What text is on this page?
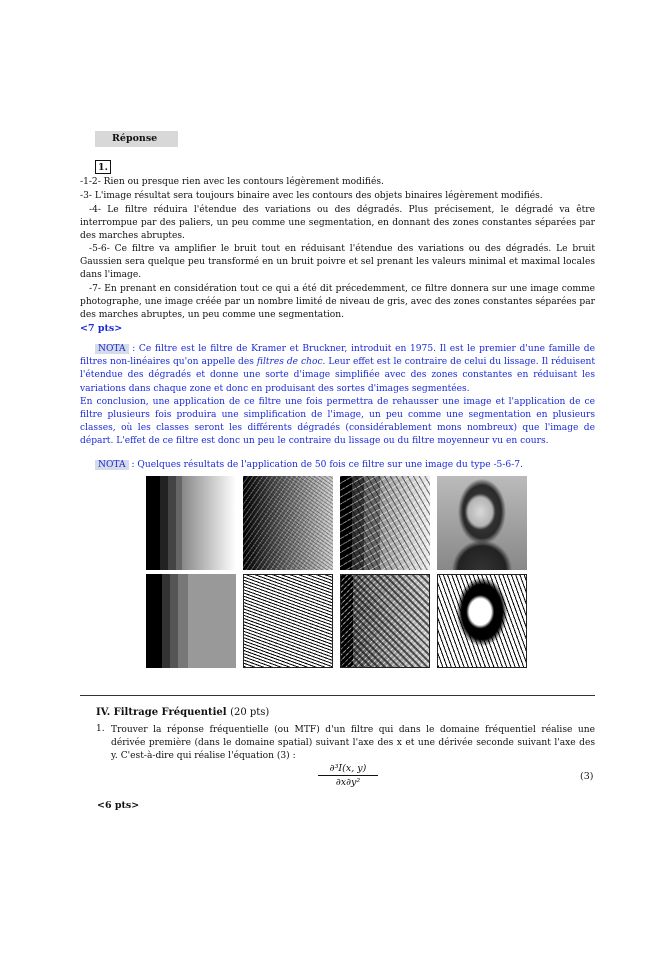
Réponse
1.
-1-2- Rien ou presque rien avec les contours légèrement modifiés.
-3- L'image résultat sera toujours binaire avec les contours des objets binaires légèrement modifiés.
-4- Le filtre réduira l'étendue des variations ou des dégradés. Plus précisement, le dégradé va être interrompue par des paliers, un peu comme une segmentation, en donnant des zones constantes séparées par des marches abruptes.
-5-6- Ce filtre va amplifier le bruit tout en réduisant l'étendue des variations ou des dégradés. Le bruit Gaussien sera quelque peu transformé en un bruit poivre et sel prenant les valeurs minimal et maximal locales dans l'image.
-7- En prenant en considération tout ce qui a été dit précedemment, ce filtre donnera sur une image comme photographe, une image créée par un nombre limité de niveau de gris, avec des zones constantes séparées par des marches abruptes, un peu comme une segmentation.
<7 pts>
NOTA : Ce filtre est le filtre de Kramer et Bruckner, introduit en 1975. Il est le premier d'une famille de filtres non-linéaires qu'on appelle des filtres de choc. Leur effet est le contraire de celui du lissage. Il réduisent l'étendue des dégradés et donne une sorte d'image simplifiée avec des zones constantes en réduisant les variations dans chaque zone et donc en produisant des sortes d'images segmentées.
En conclusion, une application de ce filtre une fois permettra de rehausser une image et l'application de ce filtre plusieurs fois produira une simplification de l'image, un peu comme une segmentation en plusieurs classes, où les classes seront les différents dégradés (considérablement mons nombreux) que l'image de départ. L'effet de ce filtre est donc un peu le contraire du lissage ou du filtre moyenneur vu en cours.
NOTA : Quelques résultats de l'application de 50 fois ce filtre sur une image du type -5-6-7.
IV. Filtrage Fréquentiel (20 pts)
1. Trouver la réponse fréquentielle (ou MTF) d'un filtre qui dans le domaine fréquentiel réalise une dérivée première (dans le domaine spatial) suivant l'axe des x et une dérivée seconde suivant l'axe des y. C'est-à-dire qui réalise l'équation (3) :
∂³I(x, y)
∂x∂y²
(3)
<6 pts>
